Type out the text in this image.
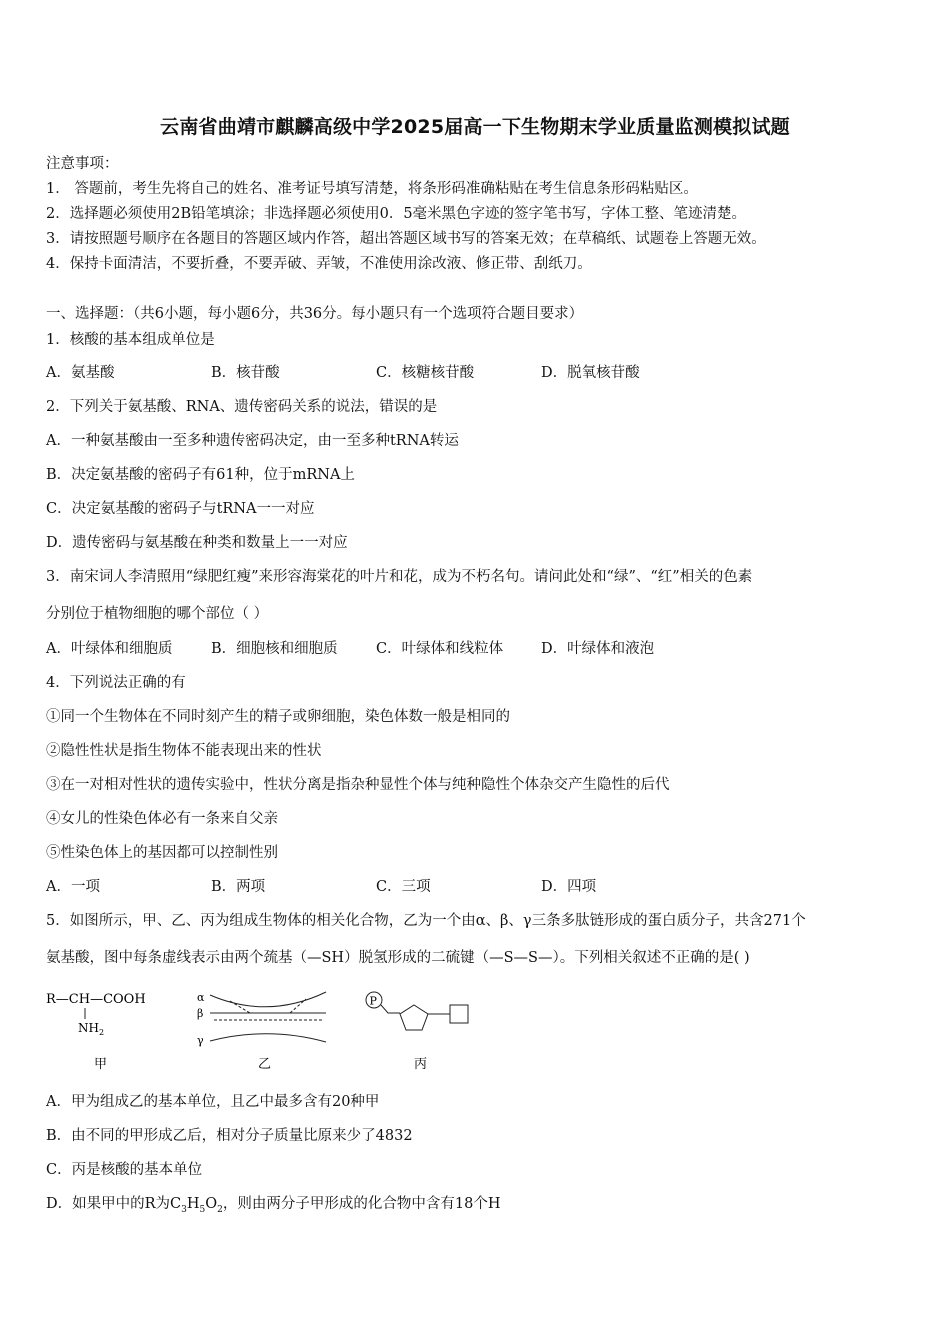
云南省曲靖市麒麟高级中学2025届高一下生物期末学业质量监测模拟试题
注意事项：
1． 答题前，考生先将自己的姓名、准考证号填写清楚，将条形码准确粘贴在考生信息条形码粘贴区。
2．选择题必须使用2B铅笔填涂；非选择题必须使用0．5毫米黑色字迹的签字笔书写，字体工整、笔迹清楚。
3．请按照题号顺序在各题目的答题区域内作答，超出答题区域书写的答案无效；在草稿纸、试题卷上答题无效。
4．保持卡面清洁，不要折叠，不要弄破、弄皱，不准使用涂改液、修正带、刮纸刀。
一、选择题：（共6小题，每小题6分，共36分。每小题只有一个选项符合题目要求）
1．核酸的基本组成单位是
A．氨基酸	B．核苷酸	C．核糖核苷酸	D．脱氧核苷酸
2．下列关于氨基酸、RNA、遗传密码关系的说法，错误的是
A．一种氨基酸由一至多种遗传密码决定，由一至多种tRNA转运
B．决定氨基酸的密码子有61种，位于mRNA上
C．决定氨基酸的密码子与tRNA一一对应
D．遗传密码与氨基酸在种类和数量上一一对应
3．南宋词人李清照用“绿肥红瘦”来形容海棠花的叶片和花，成为不朽名句。请问此处和“绿”、“红”相关的色素
分别位于植物细胞的哪个部位（ ）
A．叶绿体和细胞质	B．细胞核和细胞质	C．叶绿体和线粒体	D．叶绿体和液泡
4．下列说法正确的有
①同一个生物体在不同时刻产生的精子或卵细胞，染色体数一般是相同的
②隐性性状是指生物体不能表现出来的性状
③在一对相对性状的遗传实验中，性状分离是指杂种显性个体与纯种隐性个体杂交产生隐性的后代
④女儿的性染色体必有一条来自父亲
⑤性染色体上的基因都可以控制性别
A．一项	B．两项	C．三项	D．四项
5．如图所示，甲、乙、丙为组成生物体的相关化合物，乙为一个由α、β、γ三条多肽链形成的蛋白质分子，共含271个
氨基酸，图中每条虚线表示由两个巯基（—SH）脱氢形成的二硫键（—S—S—）。下列相关叙述不正确的是( )
R—CH—COOH
$NH_2$
甲
α
β
γ
乙
P
丙
A．甲为组成乙的基本单位，且乙中最多含有20种甲
B．由不同的甲形成乙后，相对分子质量比原来少了4832
C．丙是核酸的基本单位
D．如果甲中的R为$C_3H_5O_2$，则由两分子甲形成的化合物中含有18个H
